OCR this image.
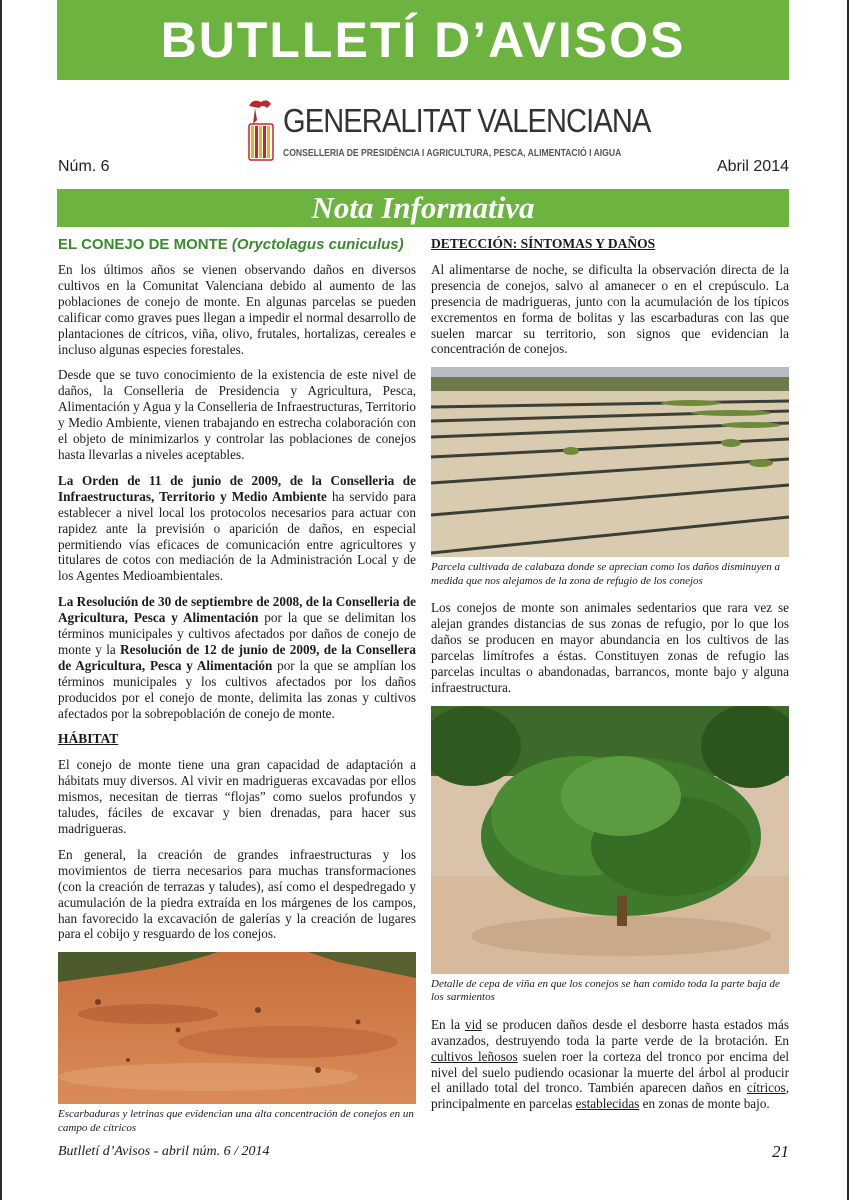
BUTLLETÍ D’AVISOS
GENERALITAT VALENCIANA
CONSELLERIA DE PRESIDÈNCIA I AGRICULTURA, PESCA, ALIMENTACIÓ I AIGUA
Núm. 6	Abril 2014
Nota Informativa
EL CONEJO DE MONTE (Oryctolagus cuniculus)

En los últimos años se vienen observando daños en diversos cultivos en la Comunitat Valenciana debido al aumento de las poblaciones de conejo de monte. En algunas parcelas se pueden calificar como graves pues llegan a impedir el normal desarrollo de plantaciones de cítricos, viña, olivo, frutales, hortalizas, cereales e incluso algunas especies forestales.

Desde que se tuvo conocimiento de la existencia de este nivel de daños, la Conselleria de Presidencia y Agricultura, Pesca, Alimentación y Agua y la Conselleria de Infraestructuras, Territorio y Medio Ambiente, vienen trabajando en estrecha colaboración con el objeto de minimizarlos y controlar las poblaciones de conejos hasta llevarlas a niveles aceptables.

La Orden de 11 de junio de 2009, de la Conselleria de Infraestructuras, Territorio y Medio Ambiente ha servido para establecer a nivel local los protocolos necesarios para actuar con rapidez ante la previsión o aparición de daños, en especial permitiendo vías eficaces de comunicación entre agricultores y titulares de cotos con mediación de la Administración Local y de los Agentes Medioambientales.

La Resolución de 30 de septiembre de 2008, de la Conselleria de Agricultura, Pesca y Alimentación por la que se delimitan los términos municipales y cultivos afectados por daños de conejo de monte y la Resolución de 12 de junio de 2009, de la Consellera de Agricultura, Pesca y Alimentación por la que se amplían los términos municipales y los cultivos afectados por los daños producidos por el conejo de monte, delimita las zonas y cultivos afectados por la sobrepoblación de conejo de monte.

HÁBITAT

El conejo de monte tiene una gran capacidad de adaptación a hábitats muy diversos. Al vivir en madrigueras excavadas por ellos mismos, necesitan de tierras “flojas” como suelos profundos y taludes, fáciles de excavar y bien drenadas, para hacer sus madrigueras.

En general, la creación de grandes infraestructuras y los movimientos de tierra necesarios para muchas transformaciones (con la creación de terrazas y taludes), así como el despedregado y acumulación de la piedra extraída en los márgenes de los campos, han favorecido la excavación de galerías y la creación de lugares para el cobijo y resguardo de los conejos.

Escarbaduras y letrinas que evidencian una alta concentración de conejos en un campo de cítricos
DETECCIÓN: SÍNTOMAS Y DAÑOS

Al alimentarse de noche, se dificulta la observación directa de la presencia de conejos, salvo al amanecer o en el crepúsculo. La presencia de madrigueras, junto con la acumulación de los típicos excrementos en forma de bolitas y las escarbaduras con las que suelen marcar su territorio, son signos que evidencian la concentración de conejos.

Parcela cultivada de calabaza donde se aprecian como los daños disminuyen a medida que nos alejamos de la zona de refugio de los conejos

Los conejos de monte son animales sedentarios que rara vez se alejan grandes distancias de sus zonas de refugio, por lo que los daños se producen en mayor abundancia en los cultivos de las parcelas limítrofes a éstas. Constituyen zonas de refugio las parcelas incultas o abandonadas, barrancos, monte bajo y alguna infraestructura.

Detalle de cepa de viña en que los conejos se han comido toda la parte baja de los sarmientos

En la vid se producen daños desde el desborre hasta estados más avanzados, destruyendo toda la parte verde de la brotación. En cultivos leñosos suelen roer la corteza del tronco por encima del nivel del suelo pudiendo ocasionar la muerte del árbol al producir el anillado total del tronco. También aparecen daños en cítricos, principalmente en parcelas establecidas en zonas de monte bajo.

Butlletí d’Avisos - abril núm. 6 / 2014	21
